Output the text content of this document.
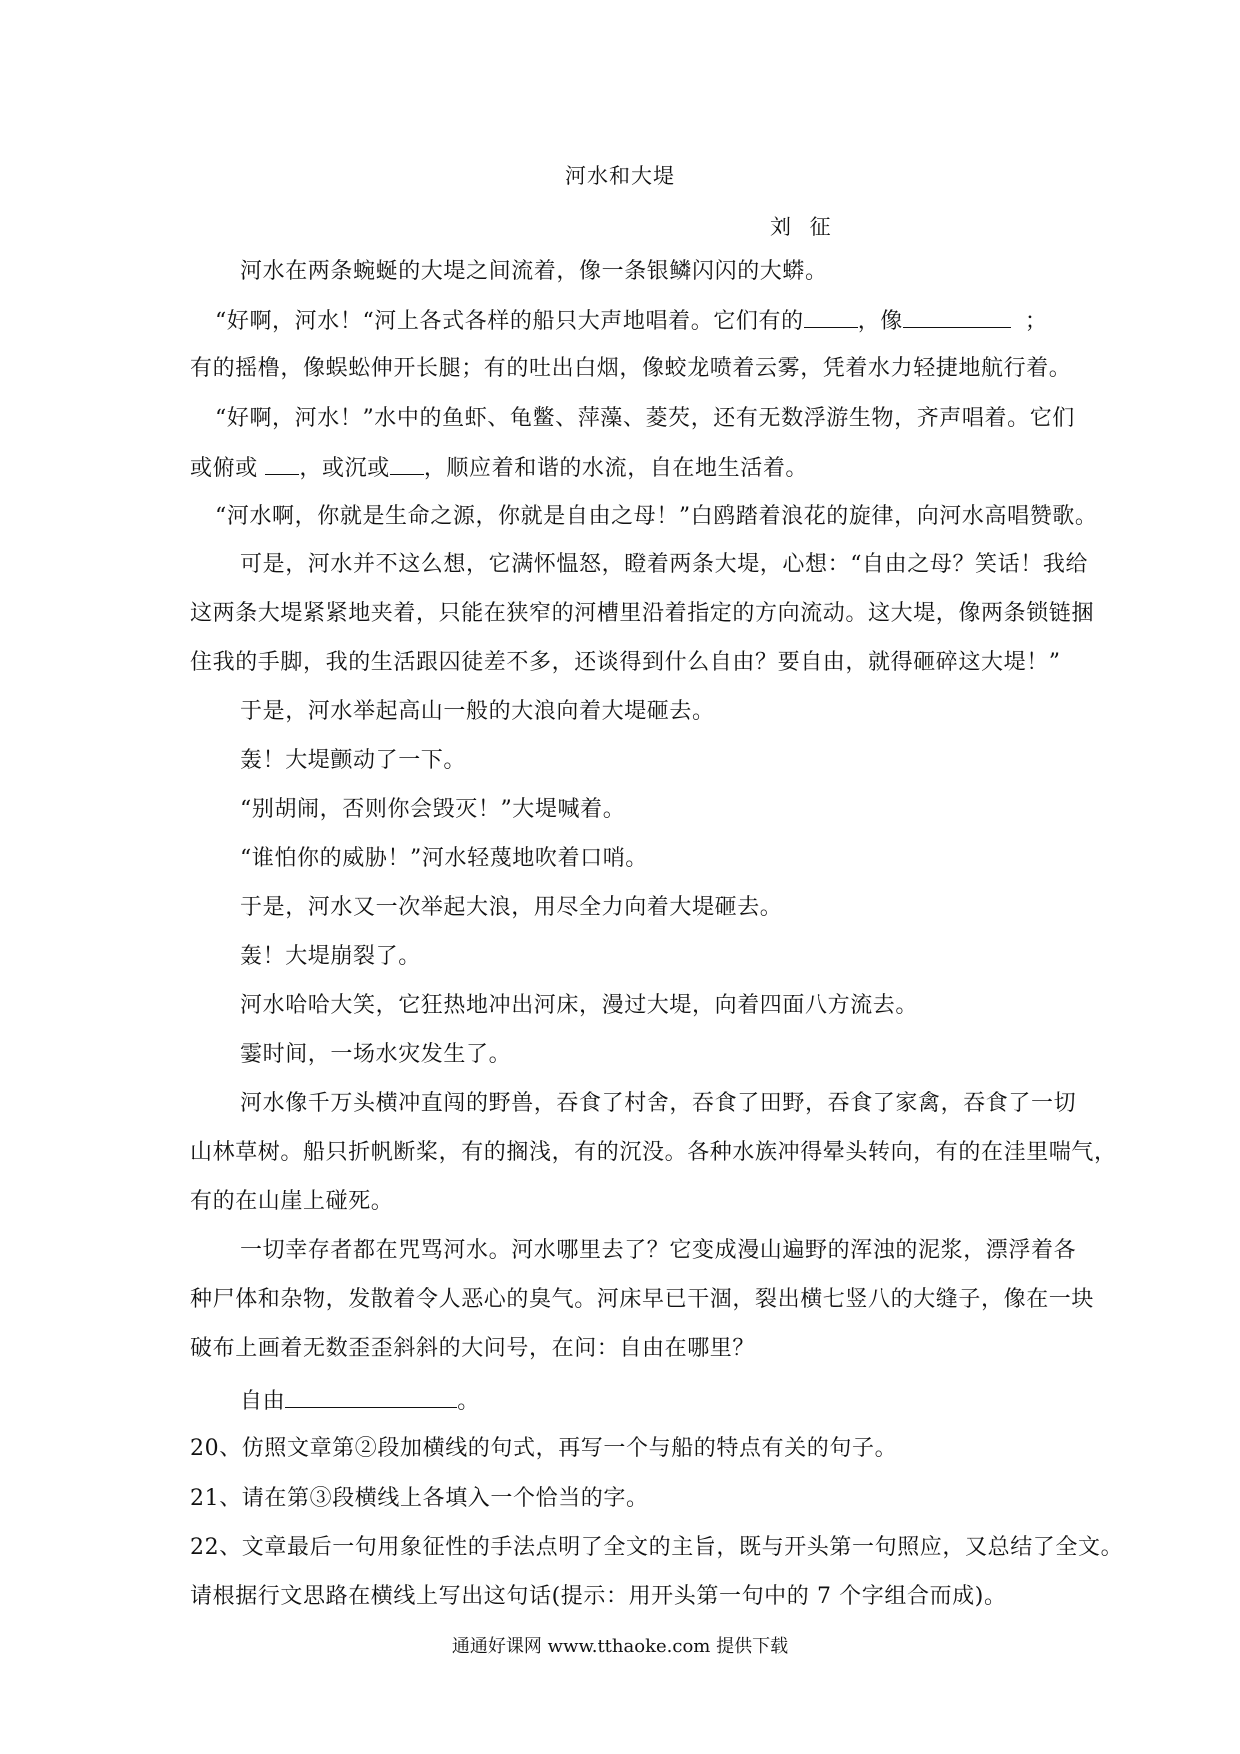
河水和大堤
刘 征
河水在两条蜿蜒的大堤之间流着，像一条银鳞闪闪的大蟒。
“好啊，河水！“河上各式各样的船只大声地唱着。它们有的 ，像	；
有的摇橹，像蜈蚣伸开长腿；有的吐出白烟，像蛟龙喷着云雾，凭着水力轻捷地航行着。
“好啊，河水！”水中的鱼虾、龟鳖、萍藻、菱芡，还有无数浮游生物，齐声唱着。它们
或俯或 ，或沉或 ，顺应着和谐的水流，自在地生活着。
“河水啊，你就是生命之源，你就是自由之母！”白鸥踏着浪花的旋律，向河水高唱赞歌。
可是，河水并不这么想，它满怀愠怒，瞪着两条大堤，心想：“自由之母？笑话！我给
这两条大堤紧紧地夹着，只能在狭窄的河槽里沿着指定的方向流动。这大堤，像两条锁链捆
住我的手脚，我的生活跟囚徒差不多，还谈得到什么自由？要自由，就得砸碎这大堤！”
于是，河水举起高山一般的大浪向着大堤砸去。
轰！大堤颤动了一下。
“别胡闹，否则你会毁灭！”大堤喊着。
“谁怕你的威胁！”河水轻蔑地吹着口哨。
于是，河水又一次举起大浪，用尽全力向着大堤砸去。
轰！大堤崩裂了。
河水哈哈大笑，它狂热地冲出河床，漫过大堤，向着四面八方流去。
霎时间，一场水灾发生了。
河水像千万头横冲直闯的野兽，吞食了村舍，吞食了田野，吞食了家禽，吞食了一切
山林草树。船只折帆断桨，有的搁浅，有的沉没。各种水族冲得晕头转向，有的在洼里喘气，
有的在山崖上碰死。
一切幸存者都在咒骂河水。河水哪里去了？它变成漫山遍野的浑浊的泥浆，漂浮着各
种尸体和杂物，发散着令人恶心的臭气。河床早已干涸，裂出横七竖八的大缝子，像在一块
破布上画着无数歪歪斜斜的大问号，在问：自由在哪里？
自由	。
20、仿照文章第②段加横线的句式，再写一个与船的特点有关的句子。
21、请在第③段横线上各填入一个恰当的字。
22、文章最后一句用象征性的手法点明了全文的主旨，既与开头第一句照应，又总结了全文。
请根据行文思路在横线上写出这句话(提示：用开头第一句中的 7 个字组合而成)。
通通好课网 www.tthaoke.com 提供下载
